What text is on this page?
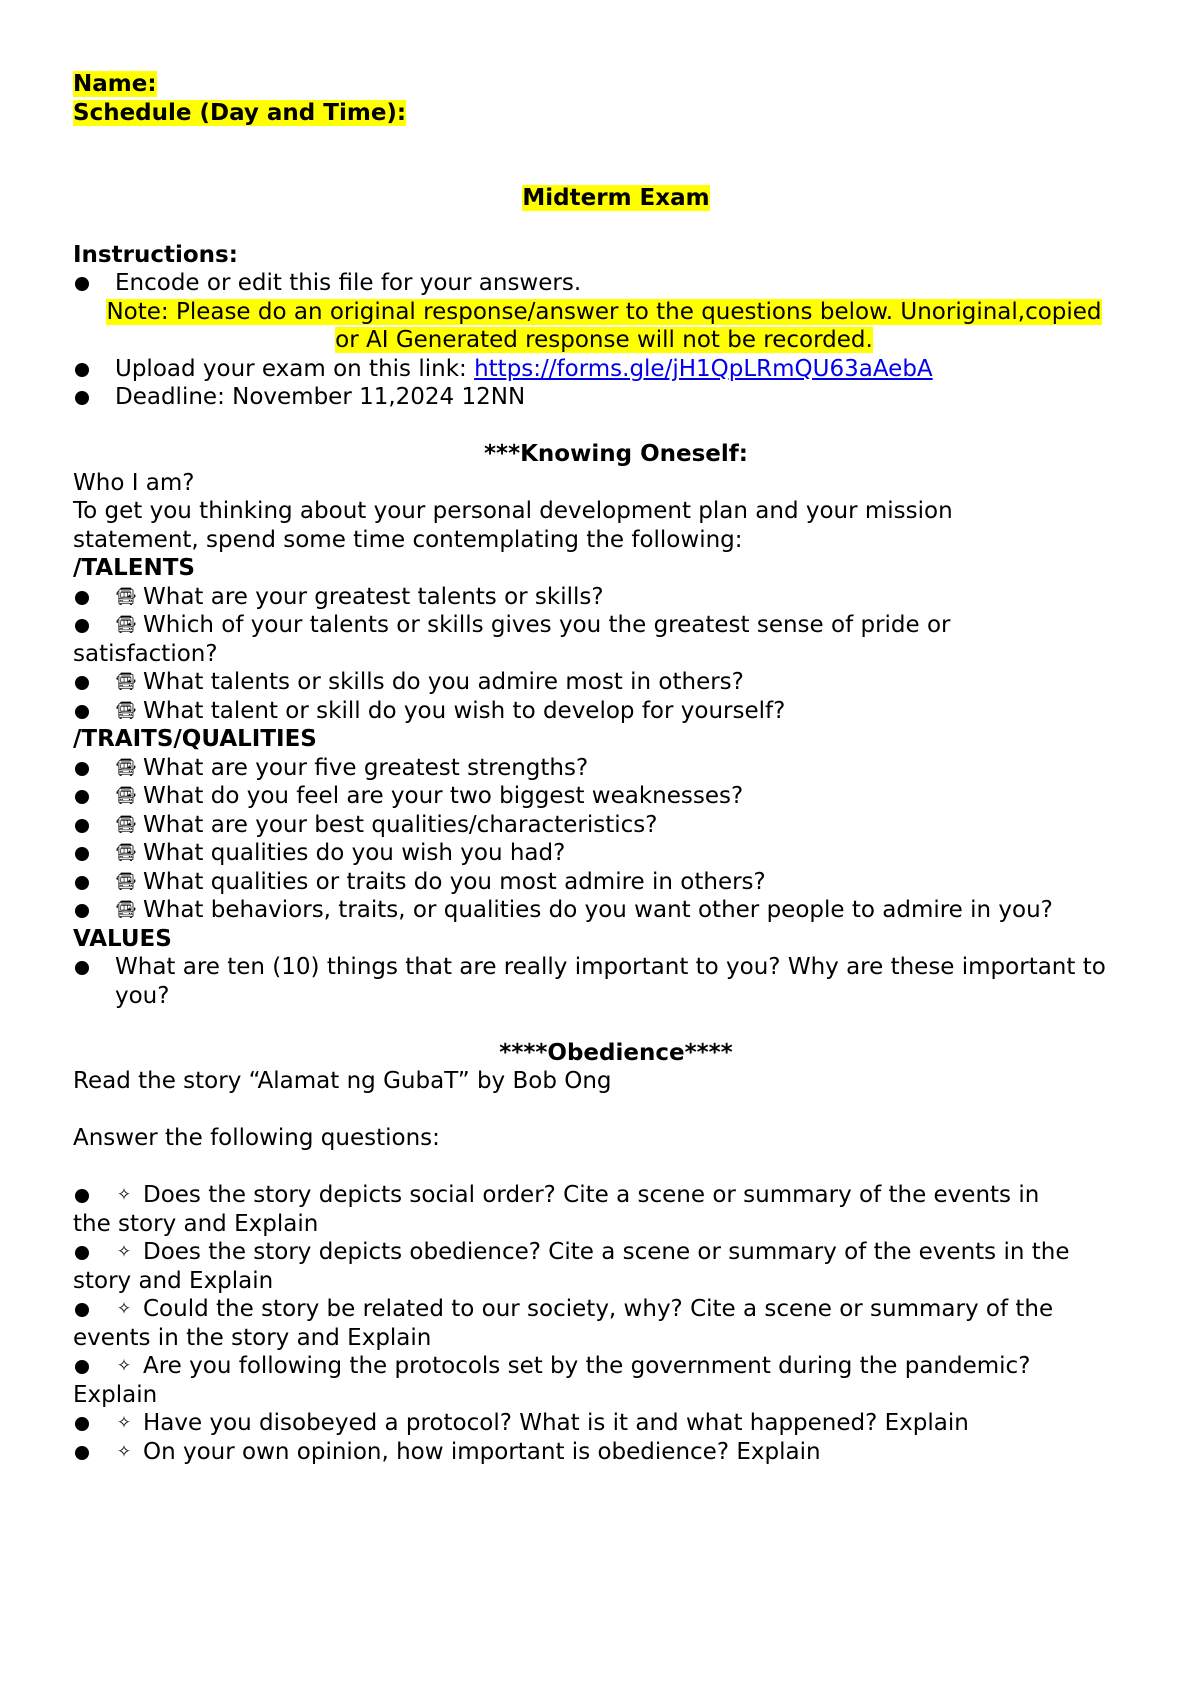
Name:
Schedule (Day and Time):
Midterm Exam
Instructions:
Encode or edit this file for your answers.
Note: Please do an original response/answer to the questions below. Unoriginal,copied
or AI Generated response will not be recorded.
Upload your exam on this link: https://forms.gle/jH1QpLRmQU63aAebA
Deadline: November 11,2024 12NN
***Knowing Oneself:
Who I am?
To get you thinking about your personal development plan and your mission
statement, spend some time contemplating the following:
/TALENTS
🚍︎ What are your greatest talents or skills?
🚍︎ Which of your talents or skills gives you the greatest sense of pride or
satisfaction?
🚍︎ What talents or skills do you admire most in others?
🚍︎ What talent or skill do you wish to develop for yourself?
/TRAITS/QUALITIES
🚍︎ What are your five greatest strengths?
🚍︎ What do you feel are your two biggest weaknesses?
🚍︎ What are your best qualities/characteristics?
🚍︎ What qualities do you wish you had?
🚍︎ What qualities or traits do you most admire in others?
🚍︎ What behaviors, traits, or qualities do you want other people to admire in you?
VALUES
What are ten (10) things that are really important to you? Why are these important to you?
****Obedience****
Read the story “Alamat ng GubaT” by Bob Ong
Answer the following questions:
✧ Does the story depicts social order? Cite a scene or summary of the events in
the story and Explain
✧ Does the story depicts obedience? Cite a scene or summary of the events in the
story and Explain
✧ Could the story be related to our society, why? Cite a scene or summary of the
events in the story and Explain
✧ Are you following the protocols set by the government during the pandemic?
Explain
✧ Have you disobeyed a protocol? What is it and what happened? Explain
✧ On your own opinion, how important is obedience? Explain
